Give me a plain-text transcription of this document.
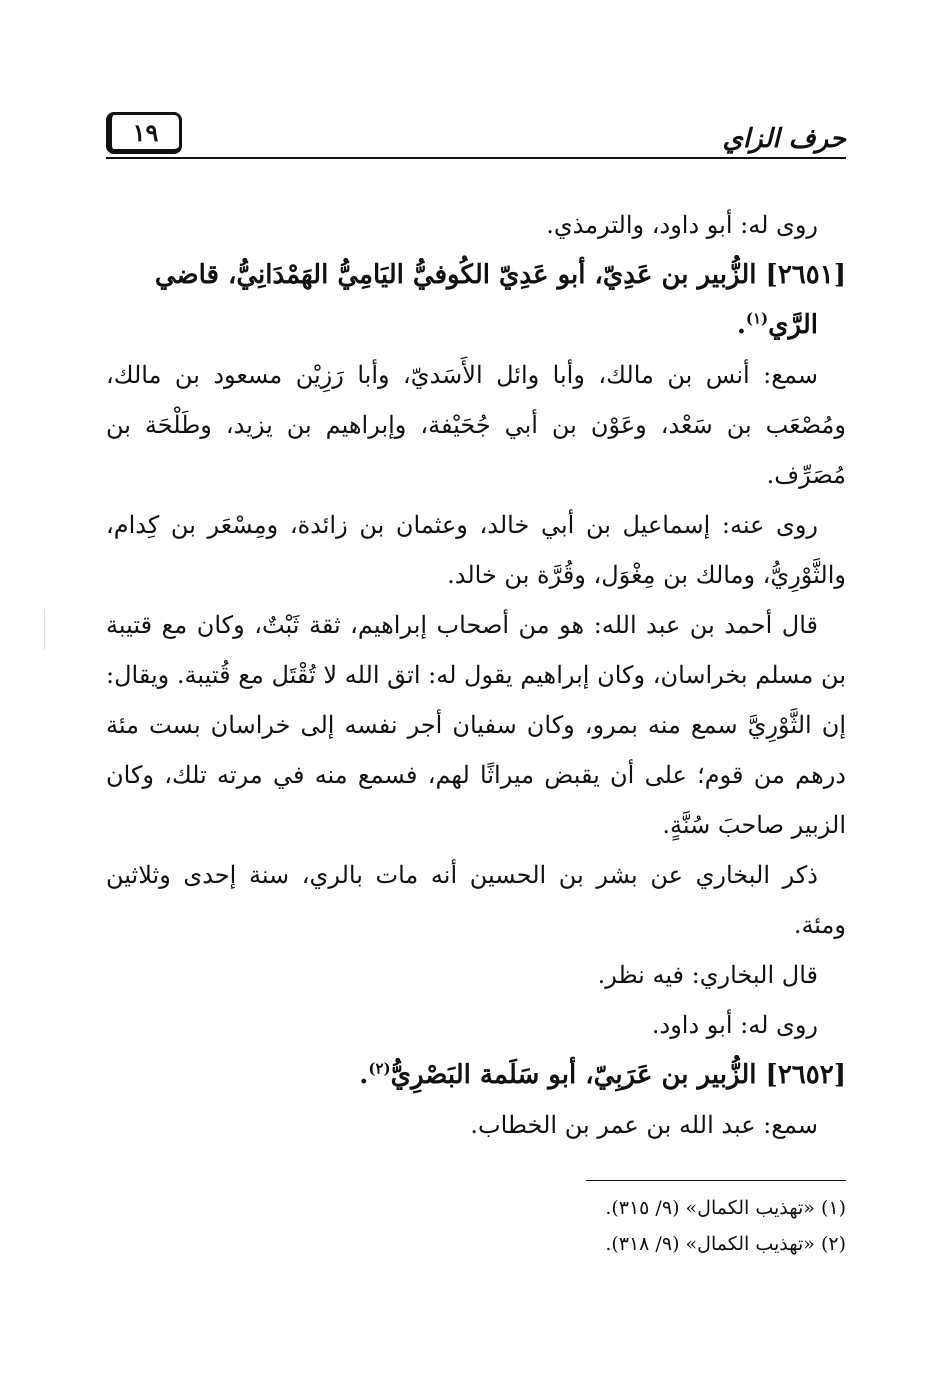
١٩	حرف الزاي

روى له: أبو داود، والترمذي.

[٢٦٥١] الزُّبير بن عَدِيّ، أبو عَدِيّ الكُوفيُّ اليَامِيُّ الهَمْدَانِيُّ، قاضي

الرَّي$^{(١)}$.

سمع: أنس بن مالك، وأبا وائل الأَسَديّ، وأبا رَزِيْن مسعود بن مالك، ومُصْعَب بن سَعْد، وعَوْن بن أبي جُحَيْفة، وإبراهيم بن يزيد، وطَلْحَة بن مُصَرِّف.

روى عنه: إسماعيل بن أبي خالد، وعثمان بن زائدة، ومِسْعَر بن كِدام، والثَّوْرِيُّ، ومالك بن مِغْوَل، وقُرَّة بن خالد.

قال أحمد بن عبد الله: هو من أصحاب إبراهيم، ثقة ثَبْتٌ، وكان مع قتيبة بن مسلم بخراسان، وكان إبراهيم يقول له: اتق الله لا تُقْتَل مع قُتيبة. ويقال: إن الثَّوْرِيَّ سمع منه بمرو، وكان سفيان أجر نفسه إلى خراسان بست مئة درهم من قوم؛ على أن يقبض ميراثًا لهم، فسمع منه في مرته تلك، وكان الزبير صاحبَ سُنَّةٍ.

ذكر البخاري عن بشر بن الحسين أنه مات بالري، سنة إحدى وثلاثين ومئة.

قال البخاري: فيه نظر.

روى له: أبو داود.

[٢٦٥٢] الزُّبير بن عَرَبِيّ، أبو سَلَمة البَصْرِيُّ$^{(٢)}$.

سمع: عبد الله بن عمر بن الخطاب.

(١) «تهذيب الكمال» (٩/ ٣١٥).

(٢) «تهذيب الكمال» (٩/ ٣١٨).
